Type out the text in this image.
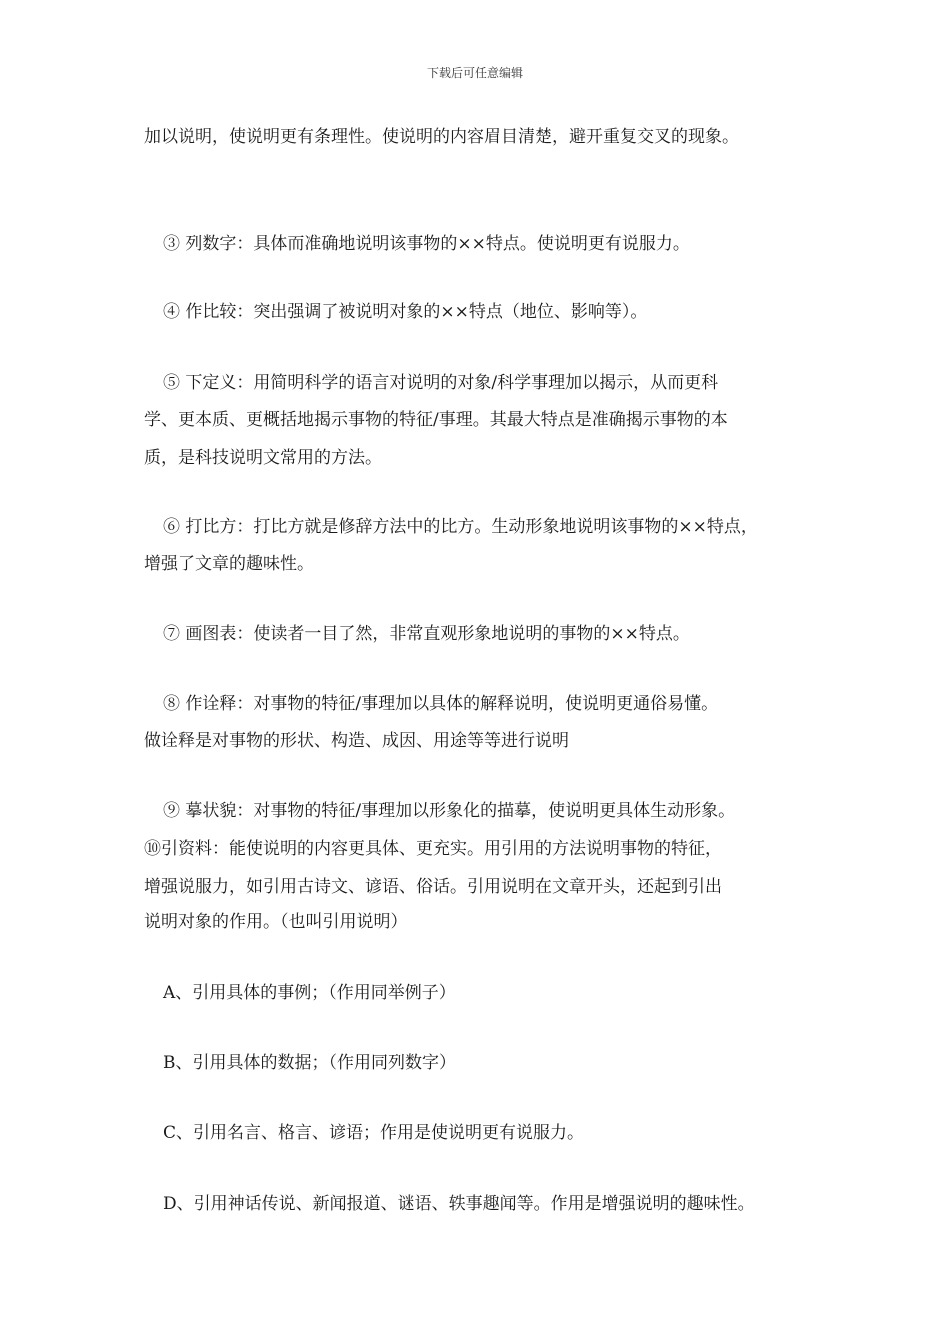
下载后可任意编辑
加以说明，使说明更有条理性。使说明的内容眉目清楚，避开重复交叉的现象。
③ 列数字：具体而准确地说明该事物的××特点。使说明更有说服力。
④ 作比较：突出强调了被说明对象的××特点（地位、影响等）。
⑤ 下定义：用简明科学的语言对说明的对象/科学事理加以揭示，从而更科
学、更本质、更概括地揭示事物的特征/事理。其最大特点是准确揭示事物的本
质，是科技说明文常用的方法。
⑥ 打比方：打比方就是修辞方法中的比方。生动形象地说明该事物的××特点，
增强了文章的趣味性。
⑦ 画图表：使读者一目了然，非常直观形象地说明的事物的××特点。
⑧ 作诠释：对事物的特征/事理加以具体的解释说明，使说明更通俗易懂。
做诠释是对事物的形状、构造、成因、用途等等进行说明
⑨ 摹状貌：对事物的特征/事理加以形象化的描摹，使说明更具体生动形象。
⑩引资料：能使说明的内容更具体、更充实。用引用的方法说明事物的特征，
增强说服力，如引用古诗文、谚语、俗话。引用说明在文章开头，还起到引出
说明对象的作用。（也叫引用说明）
A、引用具体的事例；（作用同举例子）
B、引用具体的数据；（作用同列数字）
C、引用名言、格言、谚语；作用是使说明更有说服力。
D、引用神话传说、新闻报道、谜语、轶事趣闻等。作用是增强说明的趣味性。
